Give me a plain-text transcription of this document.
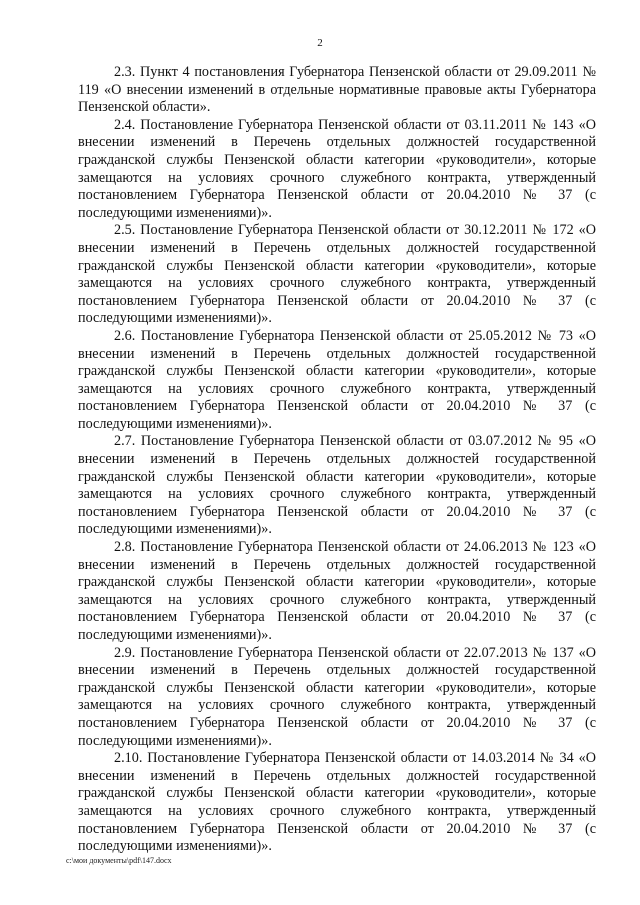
2

2.3. Пункт 4 постановления Губернатора Пензенской области от 29.09.2011 № 119 «О внесении изменений в отдельные нормативные правовые акты Губернатора Пензенской области».

2.4. Постановление Губернатора Пензенской области от 03.11.2011 № 143 «О внесении изменений в Перечень отдельных должностей государственной гражданской службы Пензенской области категории «руководители», которые замещаются на условиях срочного служебного контракта, утвержденный постановлением Губернатора Пензенской области от 20.04.2010 № 37 (с последующими изменениями)».

2.5. Постановление Губернатора Пензенской области от 30.12.2011 № 172 «О внесении изменений в Перечень отдельных должностей государственной гражданской службы Пензенской области категории «руководители», которые замещаются на условиях срочного служебного контракта, утвержденный постановлением Губернатора Пензенской области от 20.04.2010 № 37 (с последующими изменениями)».

2.6. Постановление Губернатора Пензенской области от 25.05.2012 № 73 «О внесении изменений в Перечень отдельных должностей государственной гражданской службы Пензенской области категории «руководители», которые замещаются на условиях срочного служебного контракта, утвержденный постановлением Губернатора Пензенской области от 20.04.2010 № 37 (с последующими изменениями)».

2.7. Постановление Губернатора Пензенской области от 03.07.2012 № 95 «О внесении изменений в Перечень отдельных должностей государственной гражданской службы Пензенской области категории «руководители», которые замещаются на условиях срочного служебного контракта, утвержденный постановлением Губернатора Пензенской области от 20.04.2010 № 37 (с последующими изменениями)».

2.8. Постановление Губернатора Пензенской области от 24.06.2013 № 123 «О внесении изменений в Перечень отдельных должностей государственной гражданской службы Пензенской области категории «руководители», которые замещаются на условиях срочного служебного контракта, утвержденный постановлением Губернатора Пензенской области от 20.04.2010 № 37 (с последующими изменениями)».

2.9. Постановление Губернатора Пензенской области от 22.07.2013 № 137 «О внесении изменений в Перечень отдельных должностей государственной гражданской службы Пензенской области категории «руководители», которые замещаются на условиях срочного служебного контракта, утвержденный постановлением Губернатора Пензенской области от 20.04.2010 № 37 (с последующими изменениями)».

2.10. Постановление Губернатора Пензенской области от 14.03.2014 № 34 «О внесении изменений в Перечень отдельных должностей государственной гражданской службы Пензенской области категории «руководители», которые замещаются на условиях срочного служебного контракта, утвержденный постановлением Губернатора Пензенской области от 20.04.2010 № 37 (с последующими изменениями)».

c:\мои документы\pdf\147.docx
